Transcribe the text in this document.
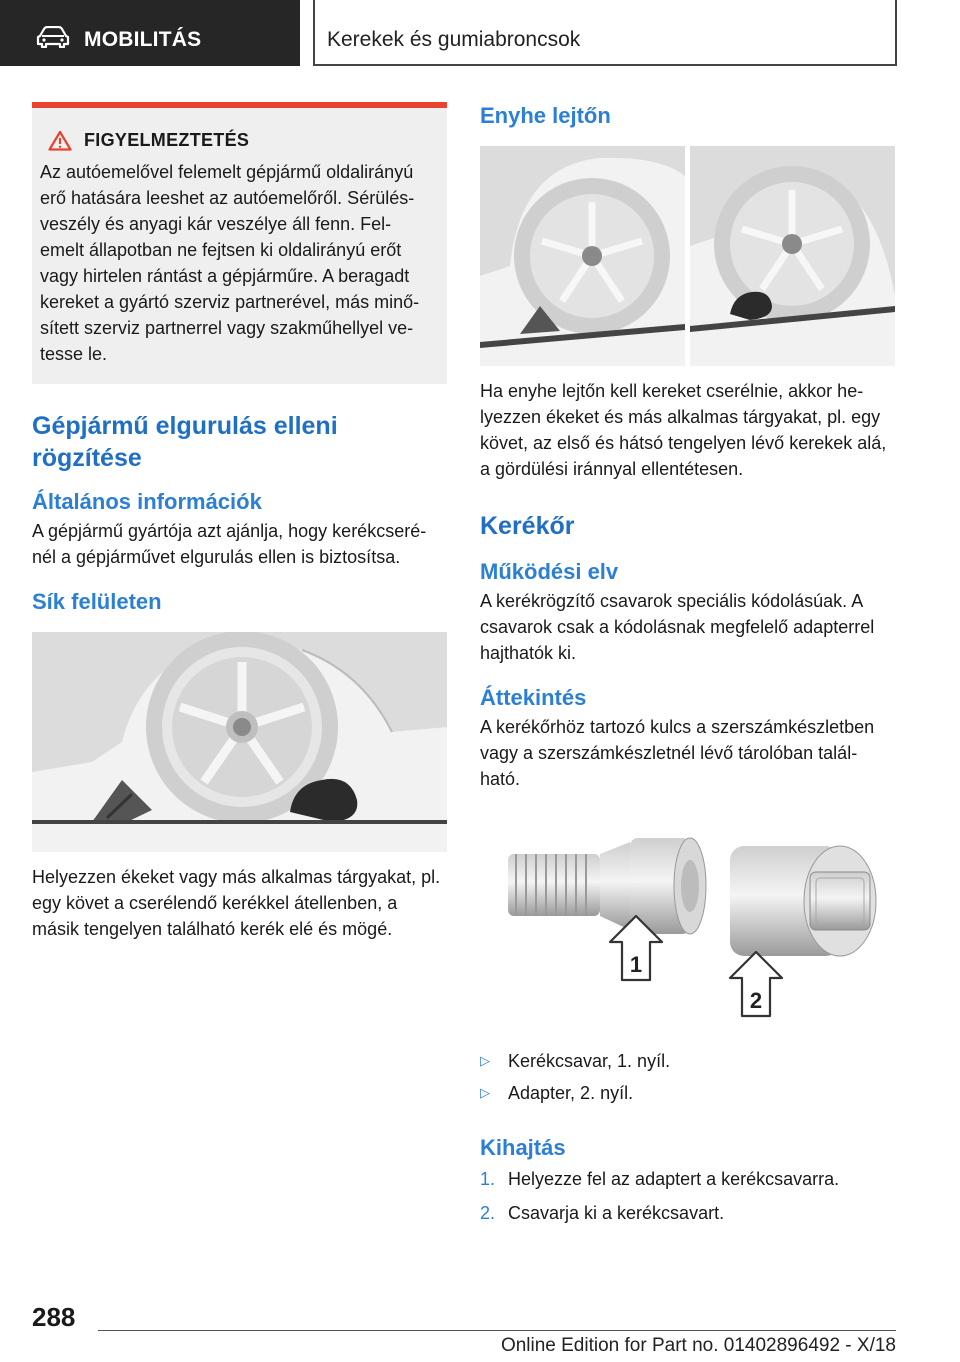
MOBILITÁS	Kerekek és gumiabroncsok
FIGYELMEZTETÉS
Az autóemelővel felemelt gépjármű oldalirányú erő hatására leeshet az autóemelőről. Sérülés-veszély és anyagi kár veszélye áll fenn. Fel-emelt állapotban ne fejtsen ki oldalirányú erőt vagy hirtelen rántást a gépjárműre. A beragadt kereket a gyártó szerviz partnerével, más minő-sített szerviz partnerrel vagy szakműhellyel ve-tesse le.
Gépjármű elgurulás elleni rögzítése
Általános információk

A gépjármű gyártója azt ajánlja, hogy kerékcseré-nél a gépjárművet elgurulás ellen is biztosítsa.

Sík felületen

Helyezzen ékeket vagy más alkalmas tárgyakat, pl. egy követ a cserélendő kerékkel átellenben, a másik tengelyen található kerék elé és mögé.

Enyhe lejtőn

Ha enyhe lejtőn kell kereket cserélnie, akkor he-lyezzen ékeket és más alkalmas tárgyakat, pl. egy követ, az első és hátsó tengelyen lévő kerekek alá, a gördülési iránnyal ellentétesen.

Kerékőr
Működési elv

A kerékrögzítő csavarok speciális kódolásúak. A csavarok csak a kódolásnak megfelelő adapterrel hajthatók ki.

Áttekintés

A kerékőrhöz tartozó kulcs a szerszámkészletben vagy a szerszámkészletnél lévő tárolóban talál-ható.

1
2
▷	Kerékcsavar, 1. nyíl.
▷	Adapter, 2. nyíl.
Kihajtás
1. Helyezze fel az adaptert a kerékcsavarra.
2. Csavarja ki a kerékcsavart.
288
Online Edition for Part no. 01402896492 - X/18
